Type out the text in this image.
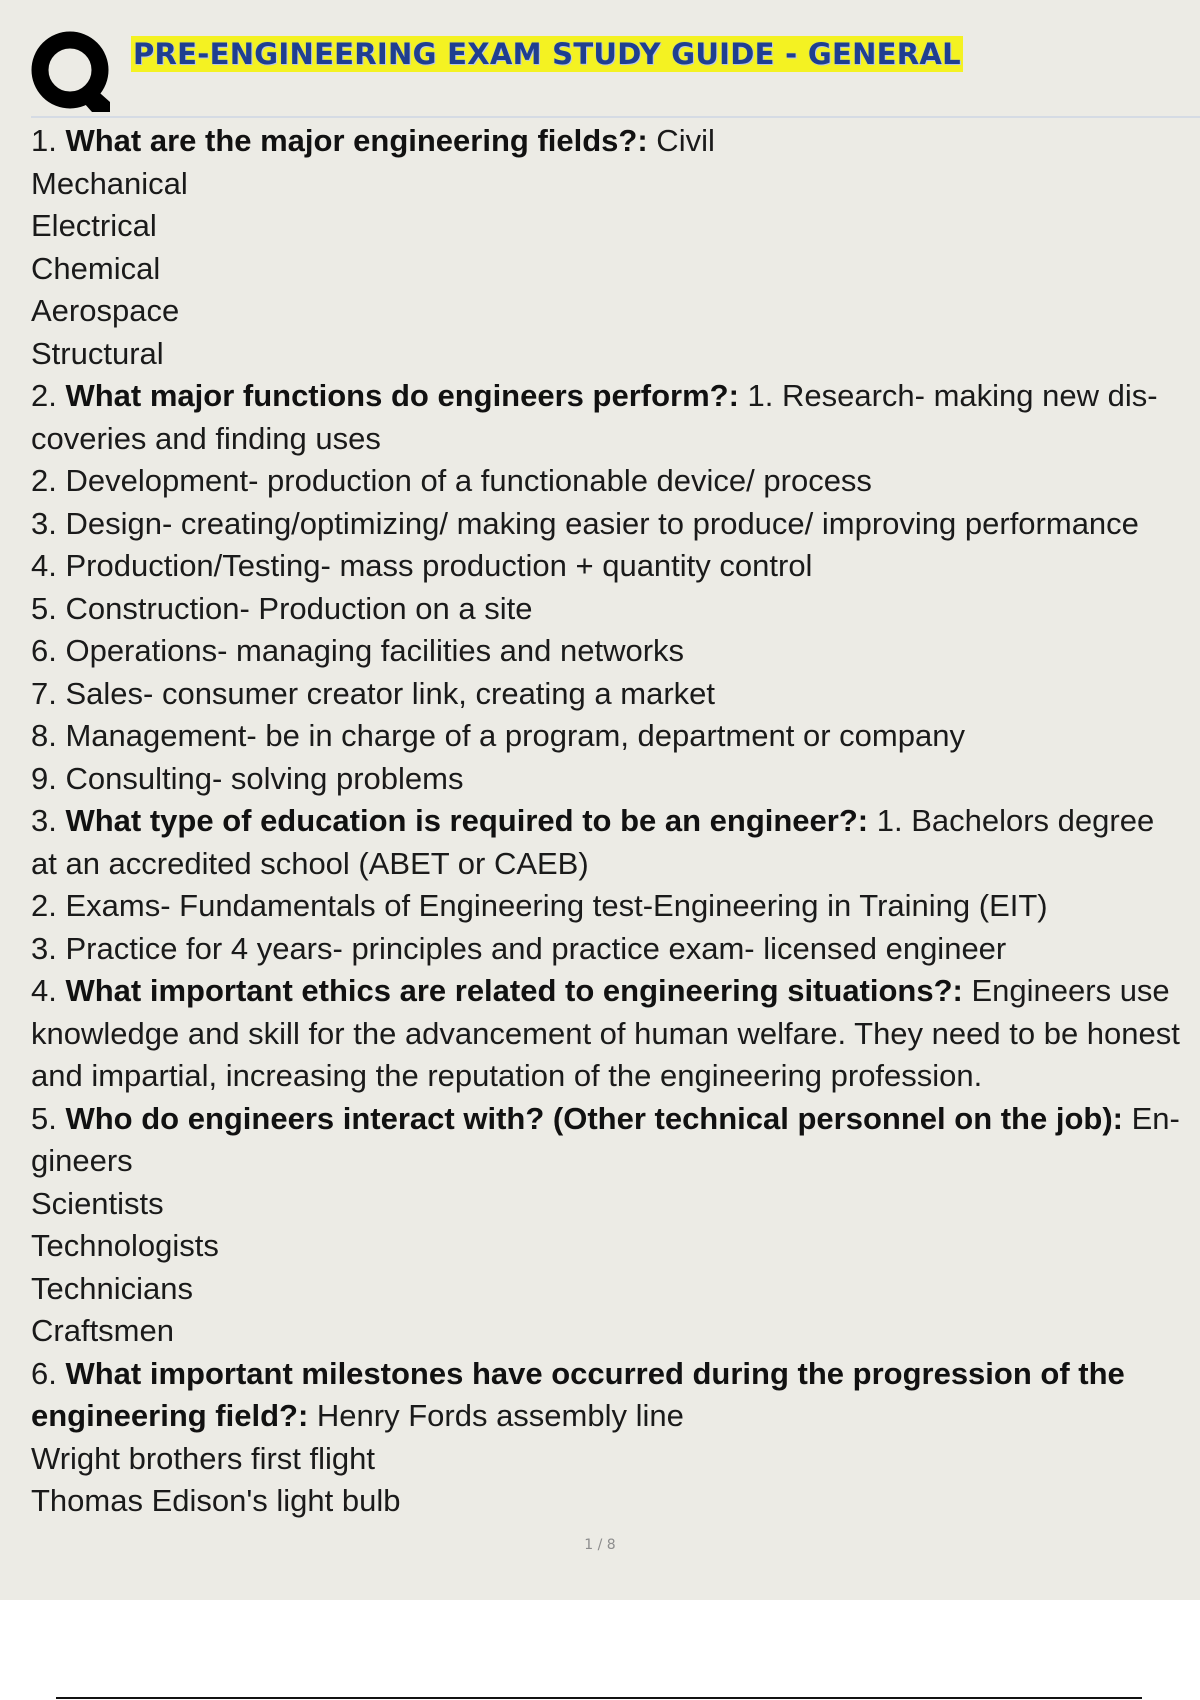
PRE-ENGINEERING EXAM STUDY GUIDE - GENERAL
1. What are the major engineering fields?: Civil
Mechanical
Electrical
Chemical
Aerospace
Structural
2. What major functions do engineers perform?: 1. Research- making new dis-
coveries and finding uses
2. Development- production of a functionable device/ process
3. Design- creating/optimizing/ making easier to produce/ improving performance
4. Production/Testing- mass production + quantity control
5. Construction- Production on a site
6. Operations- managing facilities and networks
7. Sales- consumer creator link, creating a market
8. Management- be in charge of a program, department or company
9. Consulting- solving problems
3. What type of education is required to be an engineer?: 1. Bachelors degree
at an accredited school (ABET or CAEB)
2. Exams- Fundamentals of Engineering test-Engineering in Training (EIT)
3. Practice for 4 years- principles and practice exam- licensed engineer
4. What important ethics are related to engineering situations?: Engineers use
knowledge and skill for the advancement of human welfare. They need to be honest
and impartial, increasing the reputation of the engineering profession.
5. Who do engineers interact with? (Other technical personnel on the job): En-
gineers
Scientists
Technologists
Technicians
Craftsmen
6. What important milestones have occurred during the progression of the
engineering field?: Henry Fords assembly line
Wright brothers first flight
Thomas Edison's light bulb
1 / 8
